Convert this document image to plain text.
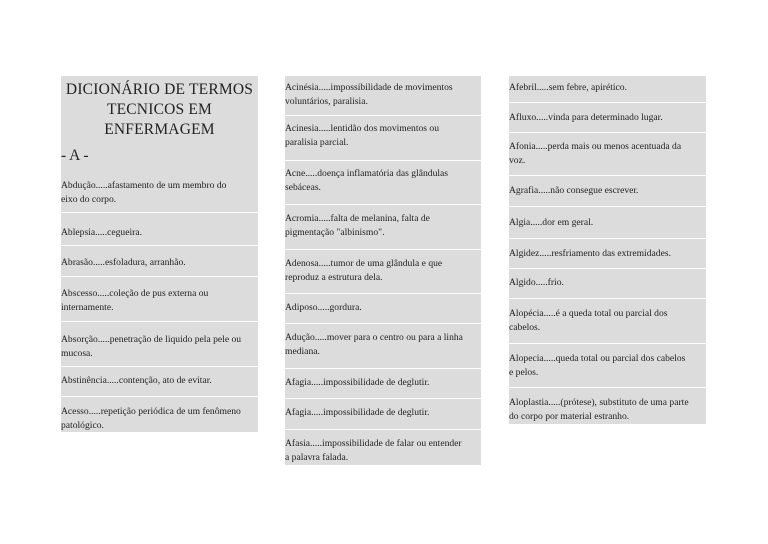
DICIONÁRIO DE TERMOS
TECNICOS EM
ENFERMAGEM
- A -
Abdução.....afastamento de um membro do
eixo do corpo.
Ablepsia.....cegueira.
Abrasão.....esfoladura, arranhão.
Abscesso.....coleção de pus externa ou
internamente.
Absorção.....penetração de liquido pela pele ou
mucosa.
Abstinência.....contenção, ato de evitar.
Acesso.....repetição periódica de um fenômeno
patológico.
Acinésia.....impossibilidade de movimentos
voluntários, paralisia.
Acinesia.....lentidão dos movimentos ou
paralisia parcial.
Acne.....doença inflamatória das glândulas
sebáceas.
Acromia.....falta de melanina, falta de
pigmentação "albinismo".
Adenosa.....tumor de uma glândula e que
reproduz a estrutura dela.
Adiposo.....gordura.
Adução.....mover para o centro ou para a linha
mediana.
Afagia.....impossibilidade de deglutir.
Afagia.....impossibilidade de deglutir.
Afasia.....impossibilidade de falar ou entender
a palavra falada.
Afebril.....sem febre, apirético.
Afluxo.....vinda para determinado lugar.
Afonia.....perda mais ou menos acentuada da
voz.
Agrafia.....não consegue escrever.
Algia.....dor em geral.
Algidez.....resfriamento das extremidades.
Algido.....frio.
Alopécia.....é a queda total ou parcial dos
cabelos.
Alopecia.....queda total ou parcial dos cabelos
e pelos.
Aloplastia.....(prótese), substituto de uma parte
do corpo por material estranho.
